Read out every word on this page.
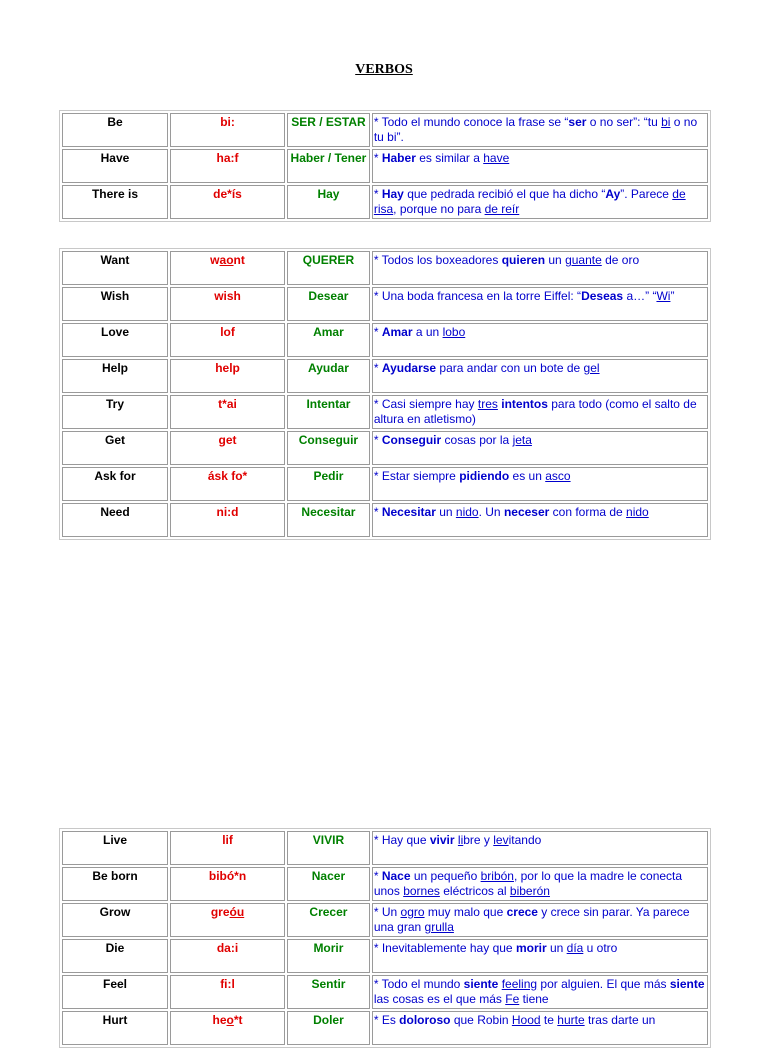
VERBOS
Be	bi:	SER / ESTAR	* Todo el mundo conoce la frase se “ser o no ser”: “tu bi o no tu bi”.
Have	ha:f	Haber / Tener	* Haber es similar a have
There is	de*ís	Hay	* Hay que pedrada recibió el que ha dicho “Ay”. Parece de risa, porque no para de reír
Want	waont	QUERER	* Todos los boxeadores quieren un guante de oro
Wish	wish	Desear	* Una boda francesa en la torre Eiffel: “Deseas a…” “Wi”
Love	lof	Amar	* Amar a un lobo
Help	help	Ayudar	* Ayudarse para andar con un bote de gel
Try	t*ai	Intentar	* Casi siempre hay tres intentos para todo (como el salto de altura en atletismo)
Get	get	Conseguir	* Conseguir cosas por la jeta
Ask for	ásk fo*	Pedir	* Estar siempre pidiendo es un asco
Need	ni:d	Necesitar	* Necesitar un nido. Un neceser con forma de nido
Live	lif	VIVIR	* Hay que vivir libre y levitando
Be born	bibó*n	Nacer	* Nace un pequeño bribón, por lo que la madre le conecta unos bornes eléctricos al biberón
Grow	greóu	Crecer	* Un ogro muy malo que crece y crece sin parar. Ya parece una gran grulla
Die	da:i	Morir	* Inevitablemente hay que morir un día u otro
Feel	fi:l	Sentir	* Todo el mundo siente feeling por alguien. El que más siente las cosas es el que más Fe tiene
Hurt	heo*t	Doler	* Es doloroso que Robin Hood te hurte tras darte un
